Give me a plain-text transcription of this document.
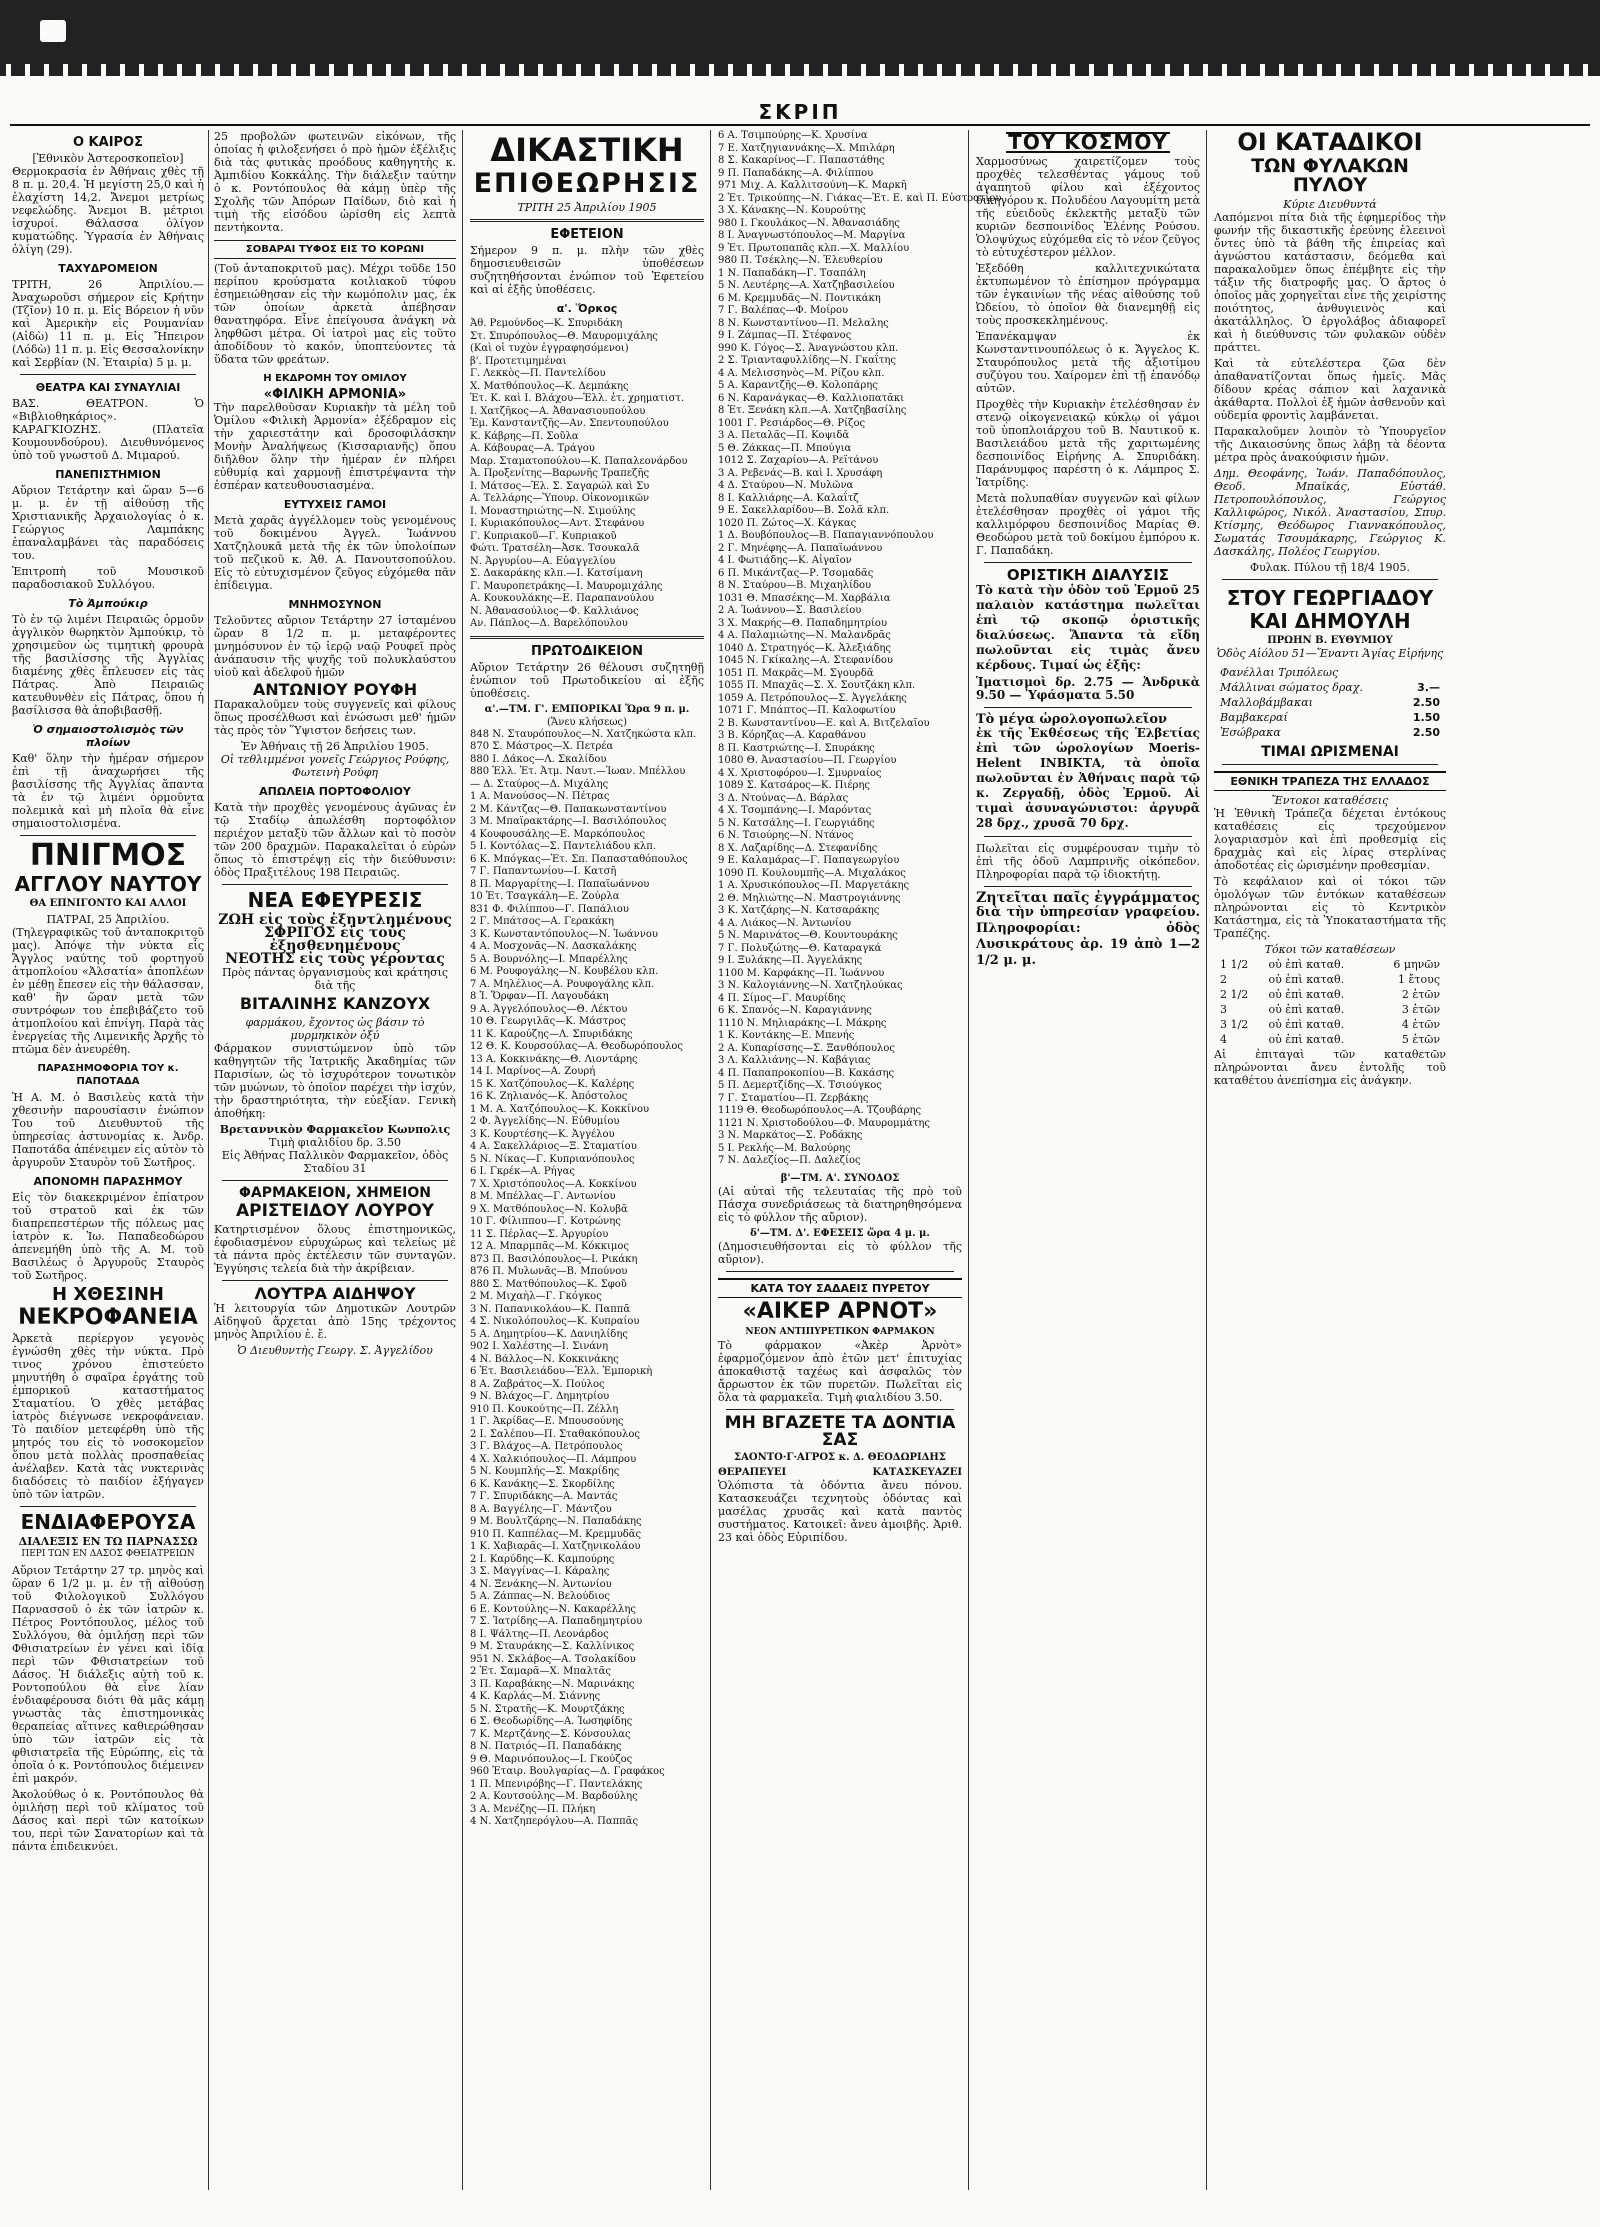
ΣΚΡΙΠ
Ο ΚΑΙΡΟΣ
[Ἐθνικὸν Ἀστεροσκοπεῖον]

Θερμοκρασία ἐν Ἀθήναις χθὲς τῇ 8 π. μ. 20,4. Ἡ μεγίστη 25,0 καὶ ἡ ἐλαχίστη 14,2. Ἄνεμοι μετρίως νεφελώδης. Ἄνεμοι Β. μέτριοι ἰσχυροί. Θάλασσα ὀλίγον κυματώδης. Ὑγρασία ἐν Ἀθήναις ὀλίγη (29).

ΤΑΧΥΔΡΟΜΕΙΟΝ

ΤΡΙΤΗ, 26 Ἀπριλίου.—Ἀναχωροῦσι σήμερον εἰς Κρήτην (Τζῖον) 10 π. μ. Εἰς Βόρειον ἡ νῦν καὶ Ἀμερικὴν εἰς Ρουμανίαν (Αἰδὼ) 11 π. μ. Εἰς Ἤπειρον (Λόδὼ) 11 π. μ. Εἰς Θεσσαλονίκην καὶ Σερβίαν (Ν. Ἐταιρία) 5 μ. μ.

ΘΕΑΤΡΑ ΚΑΙ ΣΥΝΑΥΛΙΑΙ

ΒΑΣ. ΘΕΑΤΡΟΝ. Ὁ «Βιβλιοθηκάριος». ΚΑΡΑΓΚΙΟΖΗΣ. (Πλατεῖα Κουμουνδούρου). Διευθυνόμενος ὑπὸ τοῦ γνωστοῦ Δ. Μιμαρού.

ΠΑΝΕΠΙΣΤΗΜΙΟΝ

Αὔριον Τετάρτην καὶ ὥραν 5—6 μ. μ. ἐν τῇ αἰθούσῃ τῆς Χριστιανικῆς Ἀρχαιολογίας ὁ κ. Γεώργιος Λαμπάκης ἐπαναλαμβάνει τὰς παραδόσεις του.

Ἐπιτροπὴ τοῦ Μουσικοῦ παραδοσιακοῦ Συλλόγου.

Τὸ Ἀμπούκιρ

Τὸ ἐν τῷ λιμένι Πειραιῶς ὁρμοῦν ἀγγλικὸν θωρηκτὸν Ἀμπούκιρ, τὸ χρησιμεῦον ὡς τιμητικὴ φρουρὰ τῆς βασιλίσσης τῆς Ἀγγλίας διαμένης χθὲς ἔπλευσεν εἰς τὰς Πάτρας. Ἀπὸ Πειραιῶς κατευθυνθὲν εἰς Πάτρας, ὅπου ἡ βασίλισσα θὰ ἀποβιβασθῇ.

Ὁ σημαιοστολισμὸς τῶν πλοίων

Καθ' ὅλην τὴν ἡμέραν σήμερον ἐπὶ τῇ ἀναχωρήσει τῆς βασιλίσσης τῆς Ἀγγλίας ἅπαντα τὰ ἐν τῷ λιμένι ὁρμοῦντα πολεμικὰ καὶ μὴ πλοῖα θὰ εἶνε σημαιοστολισμένα.

ΠΝΙΓΜΟΣ
ΑΓΓΛΟΥ ΝΑΥΤΟΥ
ΘΑ ΕΠΝΙΓΟΝΤΟ ΚΑΙ ΑΛΛΟΙ
ΠΑΤΡΑΙ, 25 Ἀπριλίου.

(Τηλεγραφικῶς τοῦ ἀνταποκριτοῦ μας). Ἀπόψε τὴν νύκτα εἷς Ἄγγλος ναύτης τοῦ φορτηγοῦ ἀτμοπλοίου «Ἀλσατία» ἀποπλέων ἐν μέθῃ ἔπεσεν εἰς τὴν θάλασσαν, καθ' ἣν ὥραν μετὰ τῶν συντρόφων του ἐπεβιβάζετο τοῦ ἀτμοπλοίου καὶ ἐπνίγη. Παρὰ τὰς ἐνεργείας τῆς Λιμενικῆς Ἀρχῆς τὸ πτῶμα δὲν ἀνευρέθη.

ΠΑΡΑΣΗΜΟΦΟΡΙΑ ΤΟΥ κ. ΠΑΠΟΤΑΔΑ

Ἡ Α. Μ. ὁ Βασιλεὺς κατὰ τὴν χθεσινὴν παρουσίασιν ἐνώπιον Του τοῦ Διευθυντοῦ τῆς ὑπηρεσίας ἀστυνομίας κ. Ἀνδρ. Παποτάδα ἀπένειμεν εἰς αὐτὸν τὸ ἀργυροῦν Σταυρὸν τοῦ Σωτῆρος.

ΑΠΟΝΟΜΗ ΠΑΡΑΣΗΜΟΥ

Εἰς τὸν διακεκριμένον ἐπίατρον τοῦ στρατοῦ καὶ ἐκ τῶν διαπρεπεστέρων τῆς πόλεως μας ἰατρὸν κ. Ἰω. Παπαδεοδώρου ἀπενεμήθη ὑπὸ τῆς Α. Μ. τοῦ Βασιλέως ὁ Ἀργυροῦς Σταυρὸς τοῦ Σωτῆρος.

Η ΧΘΕΣΙΝΗ
ΝΕΚΡΟΦΑΝΕΙΑ

Ἀρκετὰ περίεργον γεγονὸς ἐγνώσθη χθὲς τὴν νύκτα. Πρὸ τινος χρόνου ἐπιστεύετο μηνυτήθη ὁ σφαῖρα ἐργάτης τοῦ ἐμπορικοῦ καταστήματος Σταματίου. Ὁ χθὲς μετάβας ἰατρὸς διέγνωσε νεκροφάνειαν. Τὸ παιδίον μετεφέρθη ὑπὸ τῆς μητρός του εἰς τὸ νοσοκομεῖον ὅπου μετὰ πολλὰς προσπαθείας ἀνέλαβεν. Κατὰ τὰς νυκτερινὰς διαδόσεις τὸ παιδίον ἐξήγαγεν ὑπὸ τῶν ἰατρῶν.

ΕΝΔΙΑΦΕΡΟΥΣΑ
ΔΙΑΛΕΞΙΣ ΕΝ ΤΩ ΠΑΡΝΑΣΣΩ
ΠΕΡΙ ΤΩΝ ΕΝ ΔΑΣΟΣ ΦΘΕΙΑΤΡΕΙΩΝ

Αὔριον Τετάρτην 27 τρ. μηνὸς καὶ ὥραν 6 1/2 μ. μ. ἐν τῇ αἰθούσῃ τοῦ Φιλολογικοῦ Συλλόγου Παρνασσοῦ ὁ ἐκ τῶν ἰατρῶν κ. Πέτρος Ροντόπουλος, μέλος τοῦ Συλλόγου, θὰ ὁμιλήσῃ περὶ τῶν Φθισιατρείων ἐν γένει καὶ ἰδίᾳ περὶ τῶν Φθισιατρείων τοῦ Δάσος. Ἡ διάλεξις αὐτὴ τοῦ κ. Ροντοπούλου θὰ εἶνε λίαν ἐνδιαφέρουσα διότι θὰ μᾶς κάμῃ γνωστὰς τὰς ἐπιστημονικὰς θεραπείας αἵτινες καθιερώθησαν ὑπὸ τῶν ἰατρῶν εἰς τὰ φθισιατρεῖα τῆς Εὐρώπης, εἰς τὰ ὁποῖα ὁ κ. Ροντόπουλος διέμεινεν ἐπὶ μακρόν.

Ἀκολούθως ὁ κ. Ροντόπουλος θὰ ὁμιλήσῃ περὶ τοῦ κλίματος τοῦ Δάσος καὶ περὶ τῶν κατοίκων του, περὶ τῶν Σανατορίων καὶ τὰ πάντα ἐπιδεικνύει.

25 προβολῶν φωτεινῶν εἰκόνων, τῆς ὁποίας ἡ φιλοξενήσει ὁ πρὸ ἡμῶν ἐξέλιξις διὰ τὰς φυτικὰς προόδους καθηγητὴς κ. Ἀμπιδίου Κοκκάλης. Τὴν διάλεξιν ταύτην ὁ κ. Ροντόπουλος θὰ κάμῃ ὑπὲρ τῆς Σχολῆς τῶν Ἀπόρων Παίδων, διὸ καὶ ἡ τιμὴ τῆς εἰσόδου ὡρίσθη εἰς λεπτὰ πεντήκοντα.

ΣΟΒΑΡΑΙ ΤΥΦΟΣ ΕΙΣ ΤΟ ΚΟΡΩΝΙ

(Τοῦ ἀνταποκριτοῦ μας). Μέχρι τοῦδε 150 περίπου κρούσματα κοιλιακοῦ τύφου ἐσημειώθησαν εἰς τὴν κωμόπολιν μας, ἐκ τῶν ὁποίων ἀρκετὰ ἀπέβησαν θανατηφόρα. Εἶνε ἐπείγουσα ἀνάγκη νὰ ληφθῶσι μέτρα. Οἱ ἰατροὶ μας εἰς τοῦτο ἀποδίδουν τὸ κακόν, ὑποπτεύοντες τὰ ὕδατα τῶν φρεάτων.

Η ΕΚΔΡΟΜΗ ΤΟΥ ΟΜΙΛΟΥ
«ΦΙΛΙΚΗ ΑΡΜΟΝΙΑ»

Τὴν παρελθοῦσαν Κυριακὴν τὰ μέλη τοῦ Ὁμίλου «Φιλικὴ Ἁρμονία» ἐξέδραμον εἰς τὴν χαριεστάτην καὶ δροσοφιλάσκην Μονὴν Ἀναλήψεως (Κισσαριανῆς) ὅπου διῆλθον ὅλην τὴν ἡμέραν ἐν πλήρει εὐθυμίᾳ καὶ χαρμονῇ ἐπιστρέψαντα τὴν ἑσπέραν κατευθουσιασμένα.

ΕΥΤΥΧΕΙΣ ΓΑΜΟΙ

Μετὰ χαρᾶς ἀγγέλλομεν τοὺς γενομένους τοῦ δοκιμένου Ἀγγελ. Ἰωάννου Χατζηλουκᾶ μετὰ τῆς ἐκ τῶν ὑπολοίπων τοῦ πεζικοῦ κ. Ἀθ. Α. Πανουτσοπούλου. Εἰς τὸ εὐτυχισμένον ζεῦγος εὐχόμεθα πᾶν ἐπίδειγμα.

ΜΝΗΜΟΣΥΝΟΝ

Τελοῦντες αὔριον Τετάρτην 27 ἰσταμένου ὥραν 8 1/2 π. μ. μεταφέροντες μνημόσυνον ἐν τῷ ἱερῷ ναῷ Ρουφεῖ πρὸς ἀνάπαυσιν τῆς ψυχῆς τοῦ πολυκλαύστου υἱοῦ καὶ ἀδελφοῦ ἡμῶν

ΑΝΤΩΝΙΟΥ ΡΟΥΦΗ

Παρακαλοῦμεν τοὺς συγγενεῖς καὶ φίλους ὅπως προσέλθωσι καὶ ἑνώσωσι μεθ' ἡμῶν τὰς πρὸς τὸν Ὕψιστον δεήσεις των.

Ἐν Ἀθήναις τῇ 26 Ἀπριλίου 1905.
Οἱ τεθλιμμένοι γονεῖς Γεώργιος Ρούφης, Φωτεινὴ Ρούφη
ΑΠΩΛΕΙΑ ΠΟΡΤΟΦΟΛΙΟΥ

Κατὰ τὴν προχθὲς γενομένους ἀγῶνας ἐν τῷ Σταδίῳ ἀπωλέσθη πορτοφόλιον περιέχον μεταξὺ τῶν ἄλλων καὶ τὸ ποσὸν τῶν 200 δραχμῶν. Παρακαλεῖται ὁ εὑρὼν ὅπως τὸ ἐπιστρέψῃ εἰς τὴν διεύθυνσιν: ὁδὸς Πραξιτέλους 198 Πειραιῶς.

ΝΕΑ ΕΦΕΥΡΕΣΙΣ
ΖΩΗ εἰς τοὺς ἐξηντλημένους
ΣΦΡΙΓΟΣ εἰς τοὺς ἐξησθενημένους
ΝΕΟΤΗΣ εἰς τοὺς γέροντας
Πρὸς πάντας ὀργανισμοὺς καὶ κράτησις διὰ τῆς
ΒΙΤΑΛΙΝΗΣ ΚΑΝΖΟΥΧ
φαρμάκου, ἔχοντος ὡς βάσιν τὸ μυρμηκικὸν ὀξύ

Φάρμακον συνιστώμενον ὑπὸ τῶν καθηγητῶν τῆς Ἰατρικῆς Ἀκαδημίας τῶν Παρισίων, ὡς τὸ ἰσχυρότερον τονωτικὸν τῶν μυώνων, τὸ ὁποῖον παρέχει τὴν ἰσχύν, τὴν δραστηριότητα, τὴν εὐεξίαν. Γενικὴ ἀποθήκη:

Βρεταννικὸν Φαρμακεῖον Κωνπολις
Τιμὴ φιαλιδίου δρ. 3.50
Εἰς Ἀθήνας Παλλικὸν Φαρμακεῖον, ὁδὸς Σταδίου 31
ΦΑΡΜΑΚΕΙΟΝ, ΧΗΜΕΙΟΝ
ΑΡΙΣΤΕΙΔΟΥ ΛΟΥΡΟΥ

Κατηρτισμένον ὅλους ἐπιστημονικῶς, ἐφοδιασμένον εὐρυχώρως καὶ τελείως μὲ τὰ πάντα πρὸς ἐκτέλεσιν τῶν συνταγῶν. Ἐγγύησις τελεία διὰ τὴν ἀκρίβειαν.

ΛΟΥΤΡΑ ΑΙΔΗΨΟΥ

Ἡ λειτουργία τῶν Δημοτικῶν Λουτρῶν Αἰδηψοῦ ἄρχεται ἀπὸ 15ης τρέχοντος μηνὸς Ἀπριλίου ἐ. ἔ.

Ὁ Διευθυντὴς Γεωργ. Σ. Ἀγγελίδου
ΔΙΚΑΣΤΙΚΗ
ΕΠΙΘΕΩΡΗΣΙΣ
ΤΡΙΤΗ 25 Ἀπριλίου 1905
ΕΦΕΤΕΙΟΝ

Σήμερον 9 π. μ. πλὴν τῶν χθὲς δημοσιευθεισῶν ὑποθέσεων συζητηθήσονται ἐνώπιον τοῦ Ἐφετείου καὶ αἱ ἑξῆς ὑποθέσεις.

α'. Ὅρκος
Ἀθ. Ρεμούνδος—Κ. Σπυριδάκη
Στ. Σπυρόπουλος—Θ. Μαυρομιχάλης
(Καὶ οἱ τυχὸν ἐγγραφησόμενοι)
β'. Προτετιμημέναι
Γ. Λεκκὸς—Π. Παντελίδου
Χ. Ματθόπουλος—Κ. Δεμπάκης
Ἐτ. Κ. καὶ Ι. Βλάχου—Ἑλλ. ἐτ. χρηματιστ.
Ι. Χατζῆκος—Α. Ἀθανασιουπούλου
Ἐμ. Κανσταντζῆς—Αν. Σπεντουπούλου
Κ. Κάβρης—Π. Σοῦλα
Α. Κάβουρας—Α. Τράγου
Μαρ. Σταματοπούλου—Κ. Παπαλεονάρδου
Ἀ. Προξενίτης—Βαρωνῆς Τραπεζῆς
Ι. Μάτσος—Ἐλ. Σ. Σαγαρώλ καὶ Συ
Α. Τελλάρης—Ὑπουρ. Οἰκονομικῶν
Ι. Μοναστηριώτης—Ν. Σιμούλης
Ι. Κυριακόπουλος—Αντ. Στεφάνου
Γ. Κυπριακοῦ—Γ. Κυπριακοῦ
Φώτι. Τρατσέλη—Ἀσκ. Τσουκαλᾶ
Ν. Ἀργυρίου—Α. Εὐαγγελίου
Σ. Δακαράκης κλπ.—Ι. Κατσίμανη
Γ. Μαυροπετράκης—Ι. Μαυρομιχάλης
Α. Κουκουλάκης—Ε. Παραπανούλου
Ν. Ἀθανασούλιος—Φ. Καλλιάνος
Αν. Πάπλος—Δ. Βαρελόπουλου
ΠΡΩΤΟΔΙΚΕΙΟΝ

Αὔριον Τετάρτην 26 θέλουσι συζητηθῇ ἐνώπιον τοῦ Πρωτοδικείου αἱ ἑξῆς ὑποθέσεις.

α'.—ΤΜ. Γ'. ΕΜΠΟΡΙΚΑΙ Ὥρα 9 π. μ.
(Ἄνευ κλήσεως)
848 Ν. Σταυρόπουλος—Ν. Χατζηκώστα κλπ.
870 Σ. Μάστρος—Χ. Πετρέα
880 Ι. Δάκος—Λ. Σκαλίδου
880 Ἑλλ. Ἐτ. Ἀτμ. Ναυτ.—Ἰωαν. Μπέλλου
— Δ. Σταύρος—Δ. Μιχάλης
1 Α. Μανούσος—Ν. Πέτρας
2 Μ. Κάντζας—Θ. Παπακωνσταντίνου
3 Μ. Μπαϊρακτάρης—Ι. Βασιλόπουλος
4 Κουφουσάλης—Ε. Μαρκόπουλος
5 Ι. Κοντόλας—Σ. Παντελιάδου κλπ.
6 Κ. Μπόγκας—Ἐτ. Σπ. Παπασταθόπουλος
7 Γ. Παπαντωνίου—Ι. Κατσῆ
8 Π. Μαργαρίτης—Ι. Παπαϊωάννου
10 Ἐτ. Τσαγκάλη—Ε. Ζούρλα
831 Φ. Φιλίππου—Γ. Παπάλιου
2 Γ. Μπάτσος—Α. Γερακάκη
3 Κ. Κωνσταντόπουλος—Ν. Ἰωάννου
4 Α. Μοσχονᾶς—Ν. Δασκαλάκης
5 Α. Βουρνόλης—Ι. Μπαρέλλης
6 Μ. Ρουφογάλης—Ν. Κουβέλου κλπ.
7 Α. Μηλέλιος—Α. Ρουφογάλης κλπ.
8 Ἰ. Ὅρφαν—Π. Λαγουδάκη
9 Α. Ἀγγελόπουλος—Θ. Λέκτου
10 Θ. Γεωργιλᾶς—Κ. Μάστρος
11 Κ. Καρούζης—Λ. Σπυριδάκης
12 Θ. Κ. Κουρσούλας—Α. Θεοδωρόπουλος
13 Α. Κοκκινάκης—Θ. Λιοντάρης
14 Ι. Μαρίνος—Α. Ζουρή
15 Κ. Χατζόπουλος—Κ. Καλέρης
16 Κ. Ζηλιανός—Κ. Ἀπόστολος
1 Μ. Α. Χατζόπουλος—Κ. Κοκκίνου
2 Φ. Ἀγγελίδης—Ν. Εὐθυμίου
3 Κ. Κουρτέσης—Κ. Ἀγγέλου
4 Α. Σακελλάριος—Ξ. Σταματίου
5 Ν. Νίκας—Γ. Κυπριανόπουλος
6 Ι. Γκρέκ—Α. Ρήγας
7 Χ. Χριστόπουλος—Α. Κοκκίνου
8 Μ. Μπέλλας—Γ. Αντωνίου
9 Χ. Ματθόπουλος—Ν. Κολυβᾶ
10 Γ. Φίλιππου—Γ. Κοτρώνης
11 Σ. Πέρλας—Σ. Ἀργυρίου
12 Α. Μπαρμπᾶς—Μ. Κόκκιμος
873 Π. Βασιλόπουλος—Ι. Ρικάκη
876 Π. Μυλωνᾶς—Β. Μπούνου
880 Σ. Ματθόπουλος—Κ. Σφοῦ
2 Μ. Μιχαὴλ—Γ. Γκόγκος
3 Ν. Παπανικολάου—Κ. Παππᾶ
4 Σ. Νικολόπουλος—Κ. Κυπραίου
5 Α. Δημητρίου—Κ. Δανιηλίδης
902 Ι. Χαλέστης—Ι. Σινάνη
4 Ν. Βάλλος—Ν. Κοκκινάκης
6 Ἐτ. Βασιλειάδου—Ἑλλ. Ἐμπορικὴ
8 Α. Ζαβράτος—Χ. Πούλος
9 Ν. Βλάχος—Γ. Δημητρίου
910 Π. Κουκούτης—Π. Ζέλλη
1 Γ. Ἀκρίδας—Ε. Μπουσούνης
2 Ι. Σαλέπου—Π. Σταθακόπουλος
3 Γ. Βλάχος—Α. Πετρόπουλος
4 Χ. Χαλκιόπουλος—Π. Λάμπρου
5 Ν. Κουμπλής—Σ. Μακρίδης
6 Κ. Κανάκης—Σ. Σκορδίλης
7 Γ. Σπυριδάκης—Α. Μαντάς
8 Α. Βαγγέλης—Γ. Μάντζου
9 Μ. Βουλτζάρης—Ν. Παπαδάκης
910 Π. Καππέλας—Μ. Κρεμμυδᾶς
1 Κ. Χαβιαρᾶς—Ι. Χατζηνικολάου
2 Ι. Καρύδης—Κ. Καμπούρης
3 Σ. Μαγγίνας—Ι. Κάραλης
4 Ν. Ξενάκης—Ν. Ἀντωνίου
5 Α. Ζάππας—Ν. Βελούδιος
6 Ε. Κοντούλης—Ν. Κακαρέλλης
7 Σ. Ἰατρίδης—Α. Παπαδημητρίου
8 Ι. Ψάλτης—Π. Λεονάρδος
9 Μ. Σταυράκης—Σ. Καλλίνικος
951 Ν. Σκλάβος—Α. Τσολακίδου
2 Ἐτ. Σαμαρᾶ—Χ. Μπαλτᾶς
3 Π. Καραβάκης—Ν. Μαρινάκης
4 Κ. Καρλάς—Μ. Σιάννης
5 Ν. Στρατῆς—Κ. Μουρτζάκης
6 Σ. Θεοδωρίδης—Α. Ἰωσηφίδης
7 Κ. Μερτζάνης—Σ. Κόνσουλας
8 Ν. Πατριός—Π. Παπαδάκης
9 Θ. Μαρινόπουλος—Ι. Γκούζος
960 Ἐταιρ. Βουλγαρίας—Δ. Γραφάκος
1 Π. Μπενιρόβης—Γ. Παντελάκης
2 Α. Κουτσούλης—Μ. Βαρδούλης
3 Α. Μενέζης—Π. Πλήκη
4 Ν. Χατζηπερόγλου—Α. Παππᾶς
6 Α. Τσιμπούρης—Κ. Χρυσίνα
7 Ε. Χατζηγιαννάκης—Χ. Μπιλάρη
8 Σ. Κακαρίνος—Γ. Παπαστάθης
9 Π. Παπαδάκης—Α. Φιλίππου
971 Μιχ. Α. Καλλιτσούνη—Κ. Μαρκῆ
2 Ἐτ. Τρικούπης—Ν. Γιάκας—Ἐτ. Ε. καὶ Π. Εὐστρατίου
3 Χ. Κάνακης—Ν. Κουρούτης
980 Ι. Γκουλάκος—Ν. Ἀθανασιάδης
8 Ι. Ἀναγνωστόπουλος—Μ. Μαργίνα
9 Ἐτ. Πρωτοπαπᾶς κλπ.—Χ. Μαλλίου
980 Π. Τσέκλης—Ν. Ἐλευθερίου
1 Ν. Παπαδάκη—Γ. Τσαπάλη
5 Ν. Λευτέρης—Α. Χατζηβασιλείου
6 Μ. Κρεμμυδᾶς—Ν. Ποντικάκη
7 Γ. Βαλέπας—Φ. Μοίρου
8 Ν. Κωνσταντίνου—Π. Μελαλης
9 Ι. Ζάμπας—Π. Στέφανος
990 Κ. Γόγος—Σ. Ἀναγνώστου κλπ.
2 Σ. Τριανταφυλλίδης—Ν. Γκαΐτης
4 Α. Μελισσηνὸς—Μ. Ρίζου κλπ.
5 Α. Καραντζῆς—Θ. Κολοπάρης
6 Ν. Καρανάγκας—Θ. Καλλιοπατᾶκι
8 Ἐτ. Ξενάκη κλπ.—Α. Χατζηβασίλης
1001 Γ. Ρεσιάρδος—Θ. Ρίζος
3 Α. Πεταλᾶς—Π. Κοψιδᾶ
5 Θ. Ζάκκας—Π. Μπούγια
1012 Σ. Ζαχαρίου—Α. Ρεϊτάνου
3 Α. Ρεβενάς—Β. καὶ Ι. Χρυσάφη
4 Δ. Σταύρου—Ν. Μυλῶνα
8 Ι. Καλλιάρης—Α. Καλαΐτζ
9 Ε. Σακελλαρίδου—Β. Σολᾶ κλπ.
1020 Π. Ζώτος—Χ. Κάγκας
1 Δ. Βουβόπουλος—Β. Παπαγιαννόπουλου
2 Γ. Μηνέφης—Α. Παπαϊωάννου
4 Ι. Φωτιάδης—Κ. Αἰγαῖον
6 Π. Μικάντζας—Ρ. Τσομαδᾶς
8 Ν. Σταύρου—Β. Μιχαηλίδου
1031 Θ. Μπασέκης—Μ. Χαρβάλια
2 Α. Ἰωάννου—Σ. Βασιλείου
3 Χ. Μακρής—Θ. Παπαδημητρίου
4 Α. Παλαμιώτης—Ν. Μαλανδρᾶς
1040 Δ. Στρατηγός—Κ. Ἀλεξιάδης
1045 Ν. Γκίκαλης—Α. Στεφανίδου
1051 Π. Μακρᾶς—Μ. Σγουρδᾶ
1055 Π. Μπαχᾶς—Σ. Χ. Σουτζάκη κλπ.
1059 Α. Πετρόπουλος—Σ. Ἀγγελάκης
1071 Γ. Μπάπτος—Π. Καλοφωτίου
2 Β. Κωνσταντίνου—Ε. καὶ Α. Βιτζελαῖου
3 Β. Κόρηζας—Α. Καραθάνου
8 Π. Καστριώτης—Ι. Σπυράκης
1080 Θ. Ἀναστασίου—Π. Γεωργίου
4 Χ. Χριστοφόρου—Ι. Σμυρναίος
1089 Σ. Κατσάρος—Κ. Πιέρης
3 Δ. Ντούνας—Δ. Βάρλας
4 Χ. Τσομπάνης—Ι. Μαρόντας
5 Ν. Κατσάλης—Ι. Γεωργιάδης
6 Ν. Τσιούρης—Ν. Ντάνος
8 Χ. Λαζαρίδης—Δ. Στεφανίδης
9 Ε. Καλαμάρας—Γ. Παπαγεωργίου
1090 Π. Κουλουμπῆς—Α. Μιχαλάκος
1 Α. Χρυσικόπουλος—Π. Μαργετάκης
2 Θ. Μηλιώτης—Ν. Μαστρογιάννης
3 Κ. Χατζάρης—Ν. Κατσαράκης
4 Α. Λιάκος—Ν. Ἀντωνίου
5 Ν. Μαρινάτος—Θ. Κουντουράκης
7 Γ. Πολυζώτης—Θ. Καταραγκά
9 Ι. Ξυλάκης—Π. Ἀγγελάκης
1100 Μ. Καρφάκης—Π. Ἰωάννου
3 Ν. Καλογιάννης—Ν. Χατζηλούκας
4 Π. Σίμος—Γ. Μαυρίδης
6 Κ. Σπανός—Ν. Καραγιάννης
1110 Ν. Μηλιαράκης—Ι. Μάκρης
1 Κ. Κοντάκης—Ε. Μπενής
2 Α. Κυπαρίσσης—Σ. Ξανθόπουλος
3 Λ. Καλλιάνης—Ν. Καβάγιας
4 Π. Παπαπροκοπίου—Β. Κακάσης
5 Π. Δεμερτζίδης—Χ. Τσιούγκος
7 Γ. Σταματίου—Π. Ζερβάκης
1119 Θ. Θεοδωρόπουλος—Α. Τζουβάρης
1121 Ν. Χριστοδούλου—Φ. Μαυρομμάτης
3 Ν. Μαρκάτος—Σ. Ροδάκης
5 Ι. Ρεκλής—Μ. Βαλούρης
7 Ν. Δαλεζίος—Π. Δαλεζίος
β'—ΤΜ. Α'. ΣΥΝΟΔΟΣ

(Αἱ αὐταὶ τῆς τελευταίας τῆς πρὸ τοῦ Πάσχα συνεδριάσεως τὰ διατηρηθησόμενα εἰς τὸ φύλλον τῆς αὔριον).

δ'—ΤΜ. Δ'. ΕΦΕΣΕΙΣ ὥρα 4 μ. μ.

(Δημοσιευθήσονται εἰς τὸ φύλλον τῆς αὔριον).

ΚΑΤΑ ΤΟΥ ΣΑΔΑΕΙΣ ΠΥΡΕΤΟΥ
«ΑΙΚΕΡ ΑΡΝΟΤ»
ΝΕΟΝ ΑΝΤΙΠΥΡΕΤΙΚΟΝ ΦΑΡΜΑΚΟΝ

Τὸ φάρμακον «Ἀκὲρ Ἀρνὸτ» ἐφαρμοζόμενον ἀπὸ ἐτῶν μετ' ἐπιτυχίας ἀποκαθιστᾷ ταχέως καὶ ἀσφαλῶς τὸν ἄρρωστον ἐκ τῶν πυρετῶν. Πωλεῖται εἰς ὅλα τὰ φαρμακεῖα. Τιμὴ φιαλιδίου 3.50.

ΜΗ ΒΓΑΖΕΤΕ ΤΑ ΔΟΝΤΙΑ ΣΑΣ
ΣΑΟΝΤΟ·Γ·ΑΓΡΟΣ κ. Δ. ΘΕΟΔΩΡΙΔΗΣ
ΘΕΡΑΠΕΥΕΙ	ΚΑΤΑΣΚΕΥΑΖΕΙ

Ὁλόπιστα τὰ ὀδόντια ἄνευ πόνου. Κατασκευάζει τεχνητοὺς ὀδόντας καὶ μασέλας χρυσᾶς καὶ κατὰ παντὸς συστήματος. Κατοικεῖ: ἄνευ ἀμοιβῆς. Ἀριθ. 23 καὶ ὁδὸς Εὐριπίδου.

ΤΟΥ ΚΟΣΜΟΥ

Χαρμοσύνως χαιρετίζομεν τοὺς προχθὲς τελεσθέντας γάμους τοῦ ἀγαπητοῦ φίλου καὶ ἐξέχοντος δικηγόρου κ. Πολυδέου Λαγουμίτη μετὰ τῆς εὐειδοῦς ἐκλεκτῆς μεταξὺ τῶν κυριῶν δεσποινίδος Ἑλένης Ρούσου. Ὁλοψύχως εὐχόμεθα εἰς τὸ νέον ζεῦγος τὸ εὐτυχέστερον μέλλον.

Ἐξεδόθη καλλιτεχνικώτατα ἐκτυπωμένον τὸ ἐπίσημον πρόγραμμα τῶν ἐγκαινίων τῆς νέας αἰθούσης τοῦ Ὠδείου, τὸ ὁποῖον θὰ διανεμηθῇ εἰς τοὺς προσκεκλημένους.

Ἐπανέκαμψαν ἐκ Κωνσταντινουπόλεως ὁ κ. Ἄγγελος Κ. Σταυρόπουλος μετὰ τῆς ἀξιοτίμου συζύγου του. Χαίρομεν ἐπὶ τῇ ἐπανόδῳ αὐτῶν.

Προχθὲς τὴν Κυριακὴν ἐτελέσθησαν ἐν στενῷ οἰκογενειακῷ κύκλῳ οἱ γάμοι τοῦ ὑποπλοιάρχου τοῦ Β. Ναυτικοῦ κ. Βασιλειάδου μετὰ τῆς χαριτωμένης δεσποινίδος Εἰρήνης Α. Σπυριδάκη. Παράνυμφος παρέστη ὁ κ. Λάμπρος Σ. Ἰατρίδης.

Μετὰ πολυπαθίαν συγγενῶν καὶ φίλων ἐτελέσθησαν προχθὲς οἱ γάμοι τῆς καλλιμόρφου δεσποινίδος Μαρίας Θ. Θεοδώρου μετὰ τοῦ δοκίμου ἐμπόρου κ. Γ. Παπαδάκη.

ΟΡΙΣΤΙΚΗ ΔΙΑΛΥΣΙΣ

Τὸ κατὰ τὴν ὁδὸν τοῦ Ἑρμοῦ 25 παλαιὸν κατάστημα πωλεῖται ἐπὶ τῷ σκοπῷ ὁριστικῆς διαλύσεως. Ἅπαντα τὰ εἴδη πωλοῦνται εἰς τιμὰς ἄνευ κέρδους. Τιμαί ὡς ἑξῆς:

Ἱματισμοὶ δρ. 2.75 — Ἀνδρικὰ 9.50 — Ὑφάσματα 5.50

Τὸ μέγα ὡρολογοπωλεῖον

ἐκ τῆς Ἐκθέσεως τῆς Ἑλβετίας ἐπὶ τῶν ὡρολογίων Moeris-Helent ΙΝΒΙΚΤΑ, τὰ ὁποῖα πωλοῦνται ἐν Ἀθήναις παρὰ τῷ κ. Ζεργαδῇ, ὁδὸς Ἑρμοῦ. Αἱ τιμαὶ ἀσυναγώνιστοι: ἀργυρᾶ 28 δρχ., χρυσᾶ 70 δρχ.

Πωλεῖται εἰς συμφέρουσαν τιμὴν τὸ ἐπὶ τῆς ὁδοῦ Λαμπρινῆς οἰκόπεδον. Πληροφορίαι παρὰ τῷ ἰδιοκτήτῃ.

Ζητεῖται παῖς ἐγγράμματος

διὰ τὴν ὑπηρεσίαν γραφείου. Πληροφορίαι: ὁδὸς Λυσικράτους ἀρ. 19 ἀπὸ 1—2 1/2 μ. μ.

ΟΙ ΚΑΤΑΔΙΚΟΙ
ΤΩΝ ΦΥΛΑΚΩΝ ΠΥΛΟΥ
Κύριε Διευθυντά

Λαπόμενοι πίτα διὰ τῆς ἐφημερίδος τὴν φωνήν τῆς δικαστικῆς ἐρεύνης ἐλεεινοὶ ὄντες ὑπὸ τὰ βάθη τῆς ἐπιρείας καὶ ἀγνώστου κατάστασιν, δεόμεθα καὶ παρακαλοῦμεν ὅπως ἐπέμβητε εἰς τὴν τάξιν τῆς διατροφῆς μας. Ὁ ἄρτος ὁ ὁποῖος μᾶς χορηγεῖται εἶνε τῆς χειρίστης ποιότητος, ἀνθυγιεινὸς καὶ ἀκατάλληλος. Ὁ ἐργολάβος ἀδιαφορεῖ καὶ ἡ διεύθυνσις τῶν φυλακῶν οὐδὲν πράττει.

Καὶ τὰ εὐτελέστερα ζῶα δὲν ἀπαθανατίζονται ὅπως ἡμεῖς. Μᾶς δίδουν κρέας σάπιον καὶ λαχανικὰ ἀκάθαρτα. Πολλοὶ ἐξ ἡμῶν ἀσθενοῦν καὶ οὐδεμία φροντὶς λαμβάνεται.

Παρακαλοῦμεν λοιπὸν τὸ Ὑπουργεῖον τῆς Δικαιοσύνης ὅπως λάβῃ τὰ δέοντα μέτρα πρὸς ἀνακούφισιν ἡμῶν.

Δημ. Θεοφάνης, Ἰωάν. Παπαδόπουλος, Θεοδ. Μπαϊκάς, Εὐστάθ. Πετροπουλόπουλος, Γεώργιος Καλλιφώρος, Νικόλ. Ἀναστασίου, Σπυρ. Κτίσμης, Θεόδωρος Γιαννακόπουλος, Σωματάς Τσουμάκαρης, Γεώργιος Κ. Δασκάλης, Πολέος Γεωργίου.

Φυλακ. Πύλου τῇ 18/4 1905.
ΣΤΟΥ ΓΕΩΡΓΙΑΔΟΥ
ΚΑΙ ΔΗΜΟΥΛΗ
ΠΡΩΗΝ Β. ΕΥΘΥΜΙΟΥ
Ὁδὸς Αἰόλου 51—Ἔναντι Ἁγίας Εἰρήνης
Φανέλλαι Τριπόλεως	
Μάλλιναι σώματος δραχ.	3.—
Μαλλοβάμβακαι	2.50
Βαμβακεραί	1.50
Ἐσώβρακα	2.50
ΤΙΜΑΙ ΩΡΙΣΜΕΝΑΙ
ΕΘΝΙΚΗ ΤΡΑΠΕΖΑ ΤΗΣ ΕΛΛΑΔΟΣ
Ἔντοκοι καταθέσεις

Ἡ Ἐθνικὴ Τράπεζα δέχεται ἐντόκους καταθέσεις εἰς τρεχούμενον λογαριασμὸν καὶ ἐπὶ προθεσμίᾳ εἰς δραχμὰς καὶ εἰς λίρας στερλίνας ἀποδοτέας εἰς ὡρισμένην προθεσμίαν.

Τὸ κεφάλαιον καὶ οἱ τόκοι τῶν ὁμολόγων τῶν ἐντόκων καταθέσεων πληρώνονται εἰς τὸ Κεντρικὸν Κατάστημα, εἰς τὰ Ὑποκαταστήματα τῆς Τραπέζης.

Τόκοι τῶν καταθέσεων
1 1/2	οὐ ἐπὶ καταθ.	6 μηνῶν
2	οὐ ἐπὶ καταθ.	1 ἔτους
2 1/2	οὐ ἐπὶ καταθ.	2 ἐτῶν
3	οὐ ἐπὶ καταθ.	3 ἐτῶν
3 1/2	οὐ ἐπὶ καταθ.	4 ἐτῶν
4	οὐ ἐπὶ καταθ.	5 ἐτῶν

Αἱ ἐπιταγαὶ τῶν καταθετῶν πληρώνονται ἄνευ ἐντολῆς τοῦ καταθέτου ἀνεπίσημα εἰς ἀνάγκην.
